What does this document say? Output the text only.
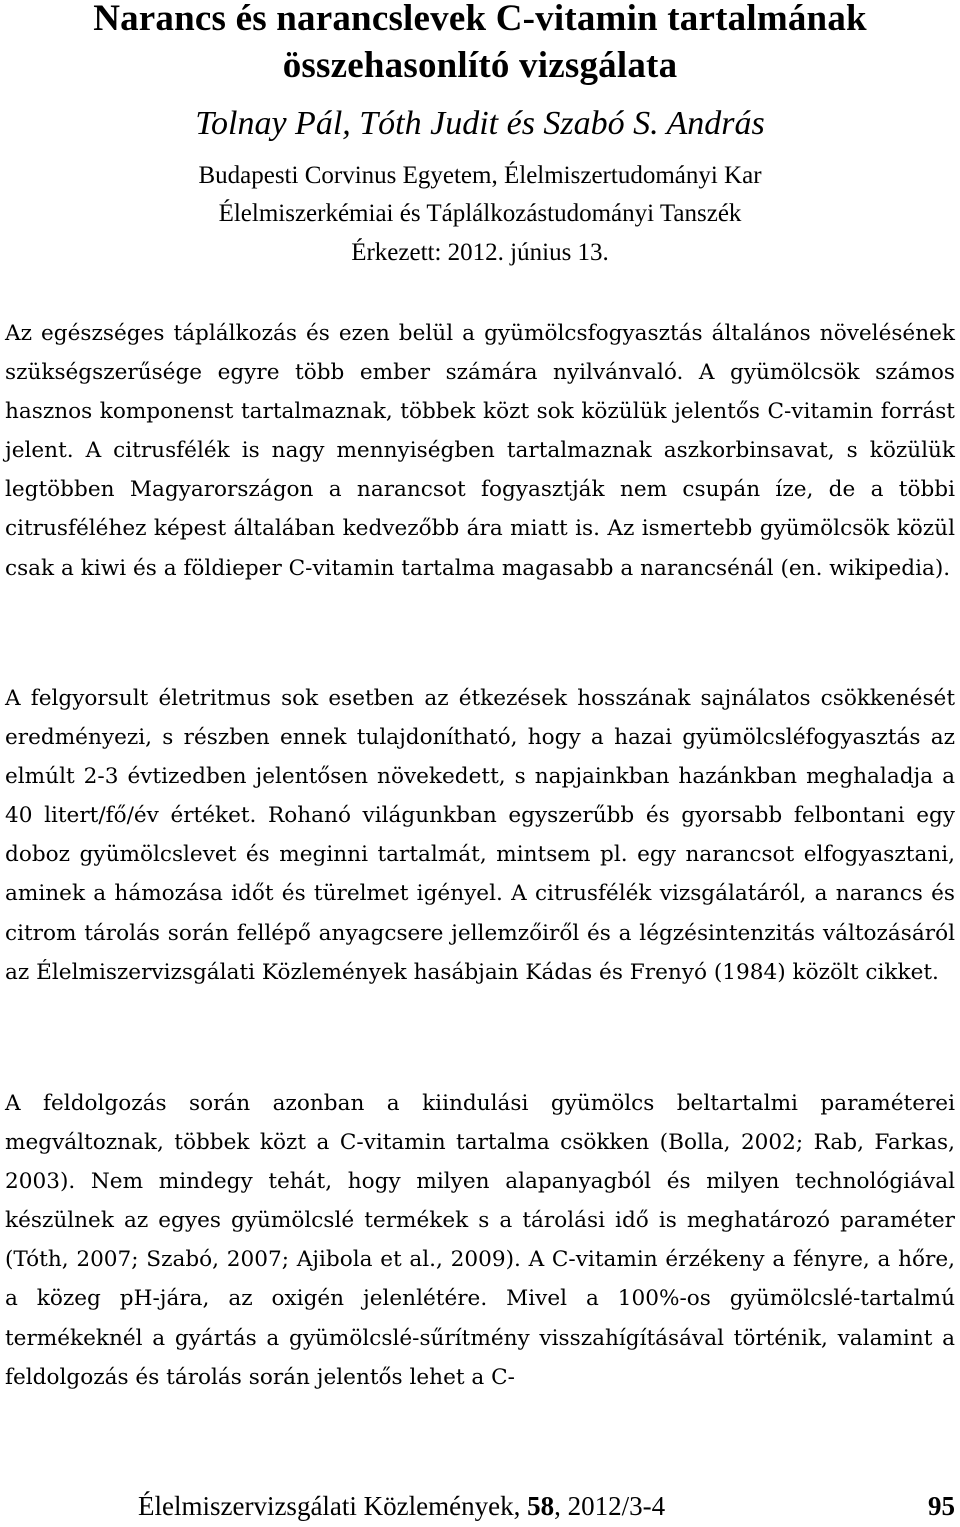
Narancs és narancslevek C-vitamin tartalmának
összehasonlító vizsgálata
Tolnay Pál, Tóth Judit és Szabó S. András
Budapesti Corvinus Egyetem, Élelmiszertudományi Kar
Élelmiszerkémiai és Táplálkozástudományi Tanszék
Érkezett: 2012. június 13.

Az egészséges táplálkozás és ezen belül a gyümölcsfogyasztás általános növelésének szükségszerűsége egyre több ember számára nyilvánvaló. A gyümölcsök számos hasznos komponenst tartalmaznak, többek közt sok közülük jelentős C-vitamin forrást jelent. A citrusfélék is nagy mennyiségben tartalmaznak aszkorbinsavat, s közülük legtöbben Magyarországon a narancsot fogyasztják nem csupán íze, de a többi citrusféléhez képest általában kedvezőbb ára miatt is. Az ismertebb gyümölcsök közül csak a kiwi és a földieper C-vitamin tartalma magasabb a narancsénál (en. wikipedia).

A felgyorsult életritmus sok esetben az étkezések hosszának sajnálatos csökkenését eredményezi, s részben ennek tulajdonítható, hogy a hazai gyümölcsléfogyasztás az elmúlt 2-3 évtizedben jelentősen növekedett, s napjainkban hazánkban meghaladja a 40 litert/fő/év értéket. Rohanó világunkban egyszerűbb és gyorsabb felbontani egy doboz gyümölcslevet és meginni tartalmát, mintsem pl. egy narancsot elfogyasztani, aminek a hámozása időt és türelmet igényel. A citrusfélék vizsgálatáról, a narancs és citrom tárolás során fellépő anyagcsere jellemzőiről és a légzésintenzitás változásáról az Élelmiszervizsgálati Közlemények hasábjain Kádas és Frenyó (1984) közölt cikket.

A feldolgozás során azonban a kiindulási gyümölcs beltartalmi paraméterei megváltoznak, többek közt a C-vitamin tartalma csökken (Bolla, 2002; Rab, Farkas, 2003). Nem mindegy tehát, hogy milyen alapanyagból és milyen technológiával készülnek az egyes gyümölcslé termékek s a tárolási idő is meghatározó paraméter (Tóth, 2007; Szabó, 2007; Ajibola et al., 2009). A C-vitamin érzékeny a fényre, a hőre, a közeg pH-jára, az oxigén jelenlétére. Mivel a 100%-os gyümölcslé-tartalmú termékeknél a gyártás a gyümölcslé-sűrítmény visszahígításával történik, valamint a feldolgozás és tárolás során jelentős lehet a C-

Élelmiszervizsgálati Közlemények, 58, 2012/3-4	95
